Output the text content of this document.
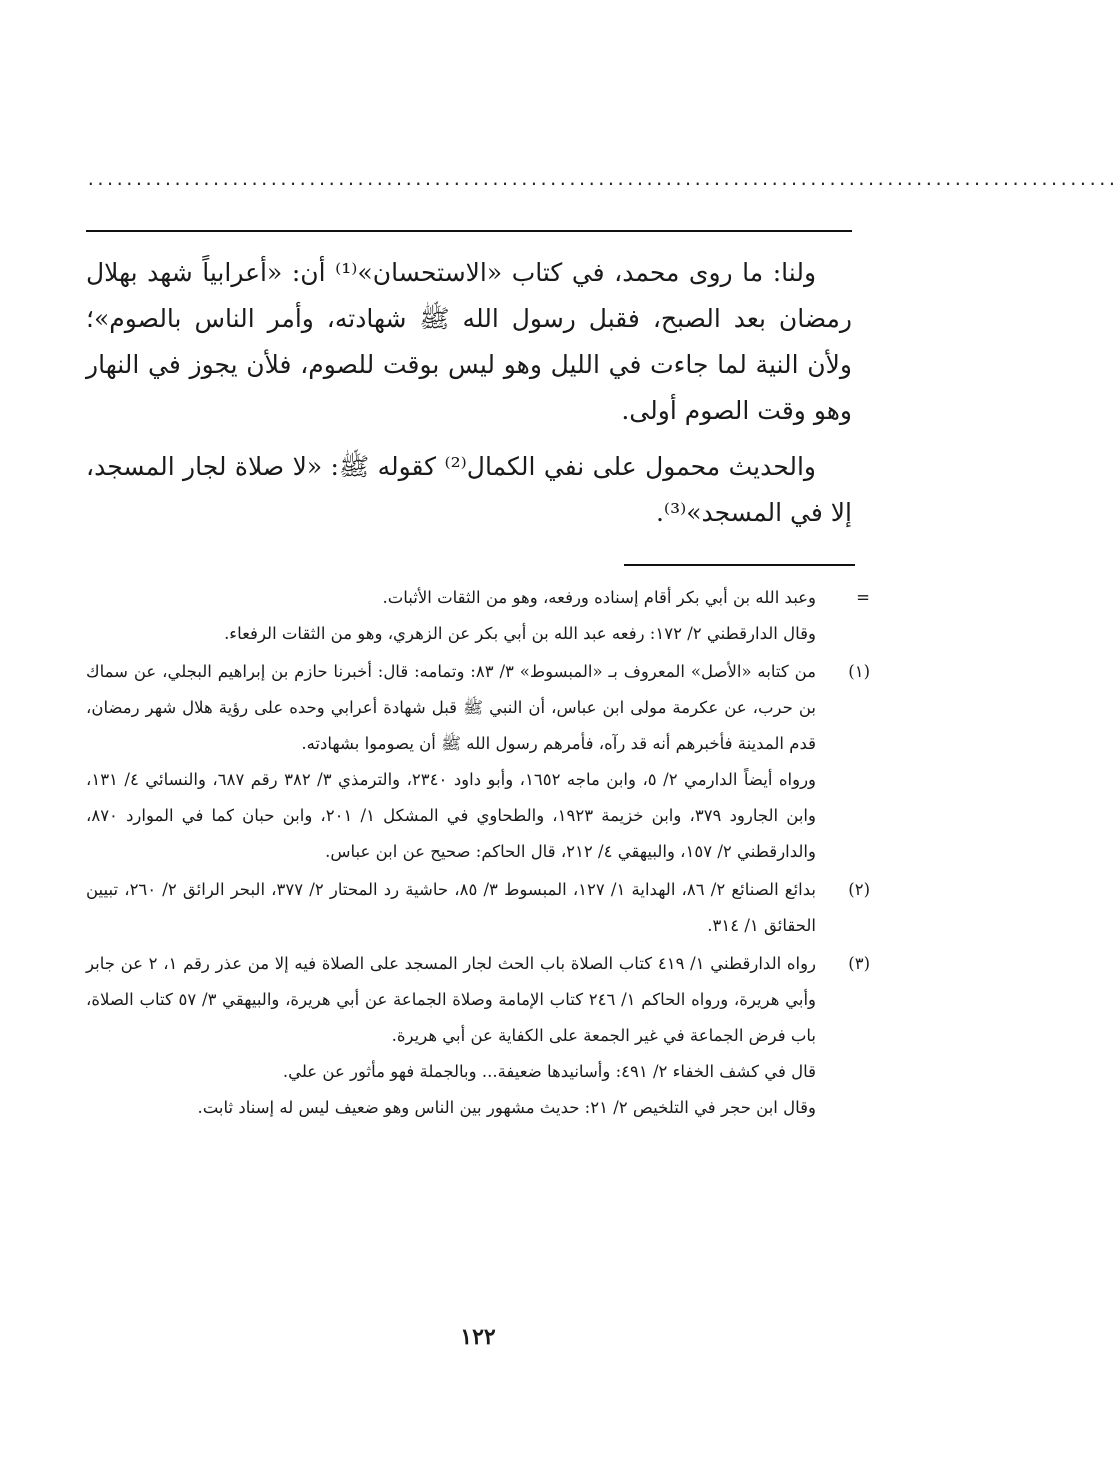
...........................................................................................................

ولنا: ما روى محمد، في كتاب «الاستحسان»⁽¹⁾ أن: «أعرابياً شهد بهلال رمضان بعد الصبح، فقبل رسول الله ﷺ شهادته، وأمر الناس بالصوم»؛ ولأن النية لما جاءت في الليل وهو ليس بوقت للصوم، فلأن يجوز في النهار وهو وقت الصوم أولى.

والحديث محمول على نفي الكمال⁽²⁾ كقوله ﷺ: «لا صلاة لجار المسجد، إلا في المسجد»⁽³⁾.

=
وعبد الله بن أبي بكر أقام إسناده ورفعه، وهو من الثقات الأثبات.
وقال الدارقطني ٢/ ١٧٢: رفعه عبد الله بن أبي بكر عن الزهري، وهو من الثقات الرفعاء.
(١)
من كتابه «الأصل» المعروف بـ «المبسوط» ٣/ ٨٣: وتمامه: قال: أخبرنا حازم بن إبراهيم البجلي، عن سماك بن حرب، عن عكرمة مولى ابن عباس، أن النبي ﷺ قبل شهادة أعرابي وحده على رؤية هلال شهر رمضان، قدم المدينة فأخبرهم أنه قد رآه، فأمرهم رسول الله ﷺ أن يصوموا بشهادته.
ورواه أيضاً الدارمي ٢/ ٥، وابن ماجه ١٦٥٢، وأبو داود ٢٣٤٠، والترمذي ٣/ ٣٨٢ رقم ٦٨٧، والنسائي ٤/ ١٣١، وابن الجارود ٣٧٩، وابن خزيمة ١٩٢٣، والطحاوي في المشكل ١/ ٢٠١، وابن حبان كما في الموارد ٨٧٠، والدارقطني ٢/ ١٥٧، والبيهقي ٤/ ٢١٢، قال الحاكم: صحيح عن ابن عباس.
(٢)
بدائع الصنائع ٢/ ٨٦، الهداية ١/ ١٢٧، المبسوط ٣/ ٨٥، حاشية رد المحتار ٢/ ٣٧٧، البحر الرائق ٢/ ٢٦٠، تبيين الحقائق ١/ ٣١٤.
(٣)
رواه الدارقطني ١/ ٤١٩ كتاب الصلاة باب الحث لجار المسجد على الصلاة فيه إلا من عذر رقم ١، ٢ عن جابر وأبي هريرة، ورواه الحاكم ١/ ٢٤٦ كتاب الإمامة وصلاة الجماعة عن أبي هريرة، والبيهقي ٣/ ٥٧ كتاب الصلاة، باب فرض الجماعة في غير الجمعة على الكفاية عن أبي هريرة.
قال في كشف الخفاء ٢/ ٤٩١: وأسانيدها ضعيفة... وبالجملة فهو مأثور عن علي.
وقال ابن حجر في التلخيص ٢/ ٢١: حديث مشهور بين الناس وهو ضعيف ليس له إسناد ثابت.
١٢٢
